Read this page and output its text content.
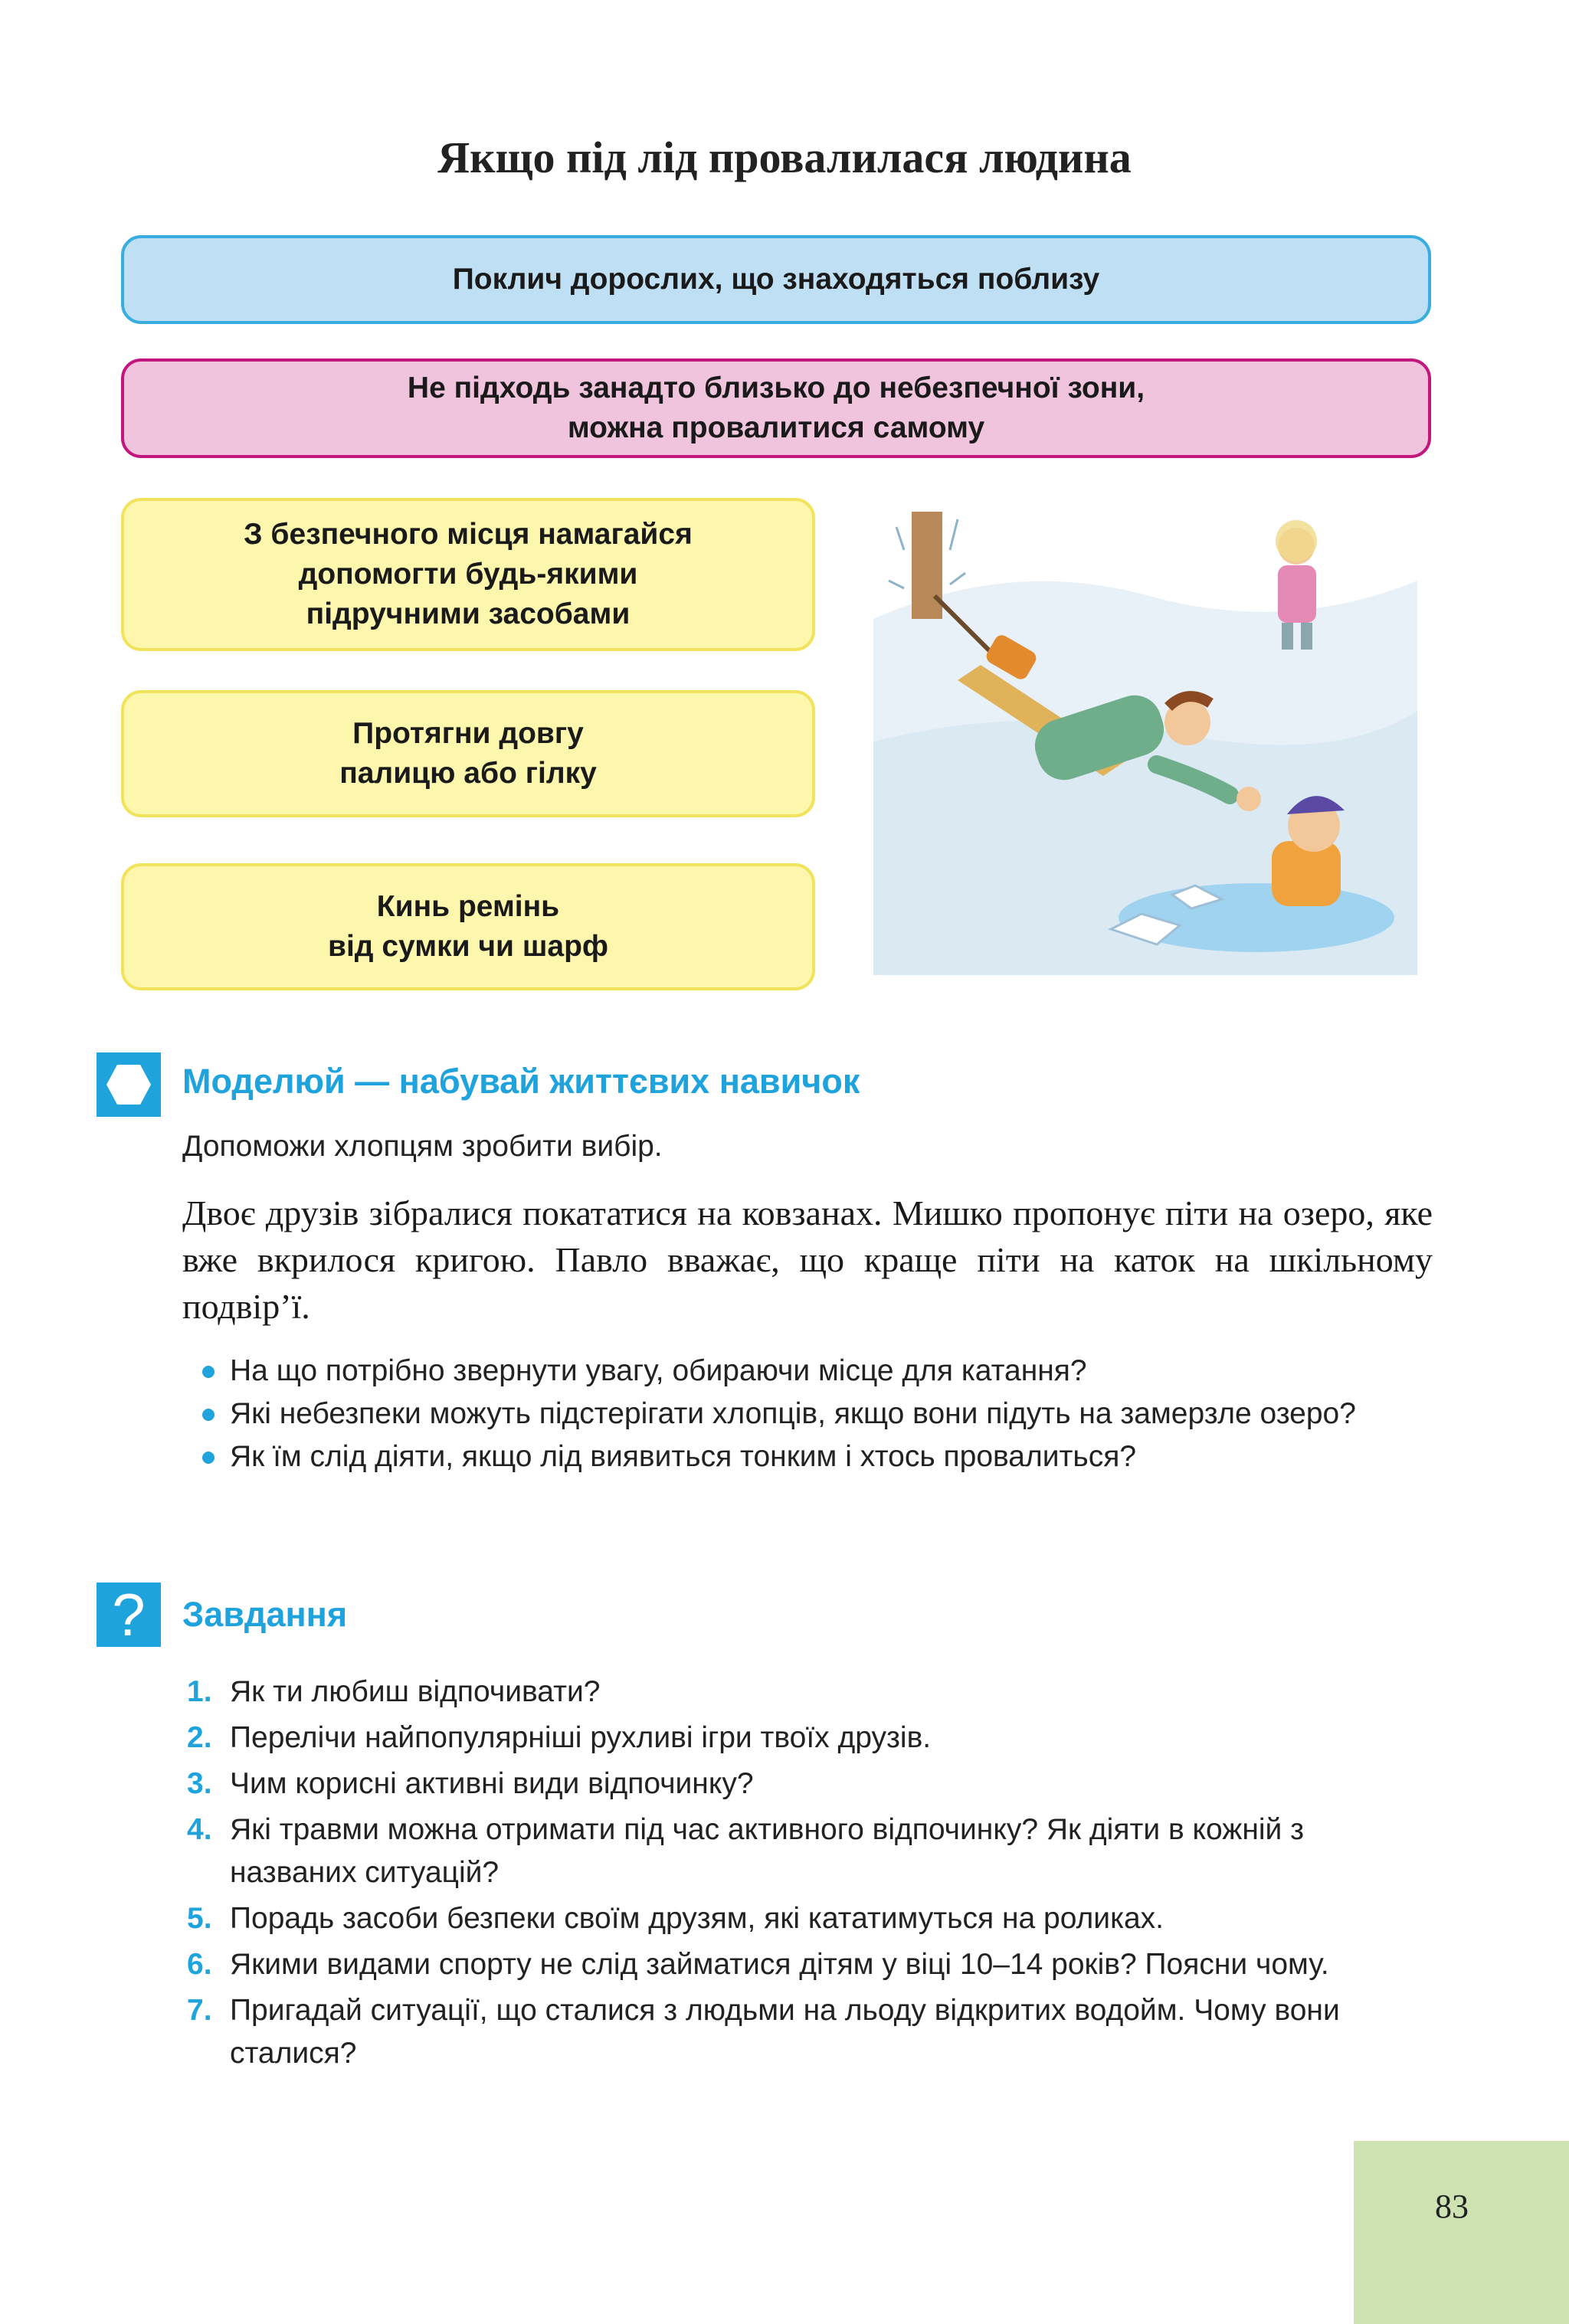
Якщо під лід провалилася людина
Поклич дорослих, що знаходяться поблизу
Не підходь занадто близько до небезпечної зони,
можна провалитися самому
З безпечного місця намагайся
допомогти будь-якими
підручними засобами
Протягни довгу
палицю або гілку
Кинь ремінь
від сумки чи шарф
Моделюй — набувай життєвих навичок
Допоможи хлопцям зробити вибір.
Двоє друзів зібралися покататися на ковзанах. Мишко пропонує піти на озеро, яке вже вкрилося кригою. Павло вважає, що краще піти на каток на шкільному подвір’ї.
На що потрібно звернути увагу, обираючи місце для катання?
Які небезпеки можуть підстерігати хлопців, якщо вони підуть на замерзле озеро?
Як їм слід діяти, якщо лід виявиться тонким і хтось провалиться?
? Завдання
1. Як ти любиш відпочивати?
2. Перелічи найпопулярніші рухливі ігри твоїх друзів.
3. Чим корисні активні види відпочинку?
4. Які травми можна отримати під час активного відпочинку? Як діяти в кожній з названих ситуацій?
5. Порадь засоби безпеки своїм друзям, які кататимуться на роликах.
6. Якими видами спорту не слід займатися дітям у віці 10–14 років? Поясни чому.
7. Пригадай ситуації, що сталися з людьми на льоду відкритих водойм. Чому вони сталися?
83
